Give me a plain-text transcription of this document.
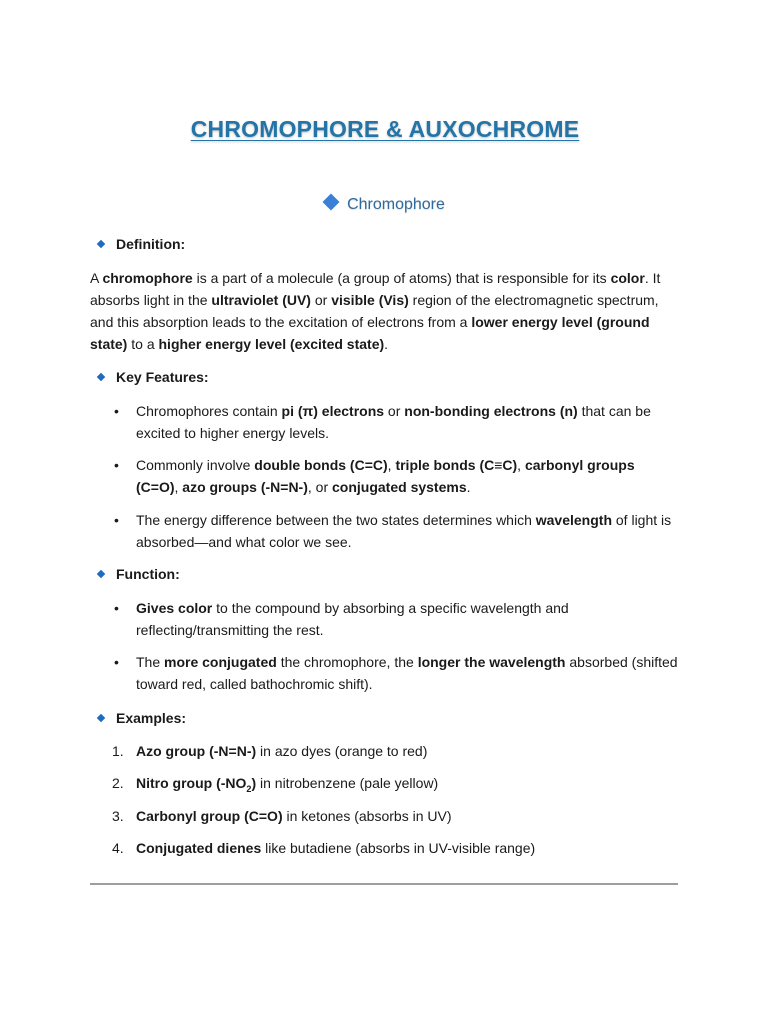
CHROMOPHORE & AUXOCHROME

Chromophore

Definition:

A chromophore is a part of a molecule (a group of atoms) that is responsible for its color. It absorbs light in the ultraviolet (UV) or visible (Vis) region of the electromagnetic spectrum, and this absorption leads to the excitation of electrons from a lower energy level (ground state) to a higher energy level (excited state).

Key Features:

• Chromophores contain pi (π) electrons or non-bonding electrons (n) that can be excited to higher energy levels.
• Commonly involve double bonds (C=C), triple bonds (C≡C), carbonyl groups (C=O), azo groups (-N=N-), or conjugated systems.
• The energy difference between the two states determines which wavelength of light is absorbed—and what color we see.

Function:

• Gives color to the compound by absorbing a specific wavelength and reflecting/transmitting the rest.
• The more conjugated the chromophore, the longer the wavelength absorbed (shifted toward red, called bathochromic shift).

Examples:

1. Azo group (-N=N-) in azo dyes (orange to red)
2. Nitro group $(-NO_2)$ in nitrobenzene (pale yellow)
3. Carbonyl group (C=O) in ketones (absorbs in UV)
4. Conjugated dienes like butadiene (absorbs in UV-visible range)
